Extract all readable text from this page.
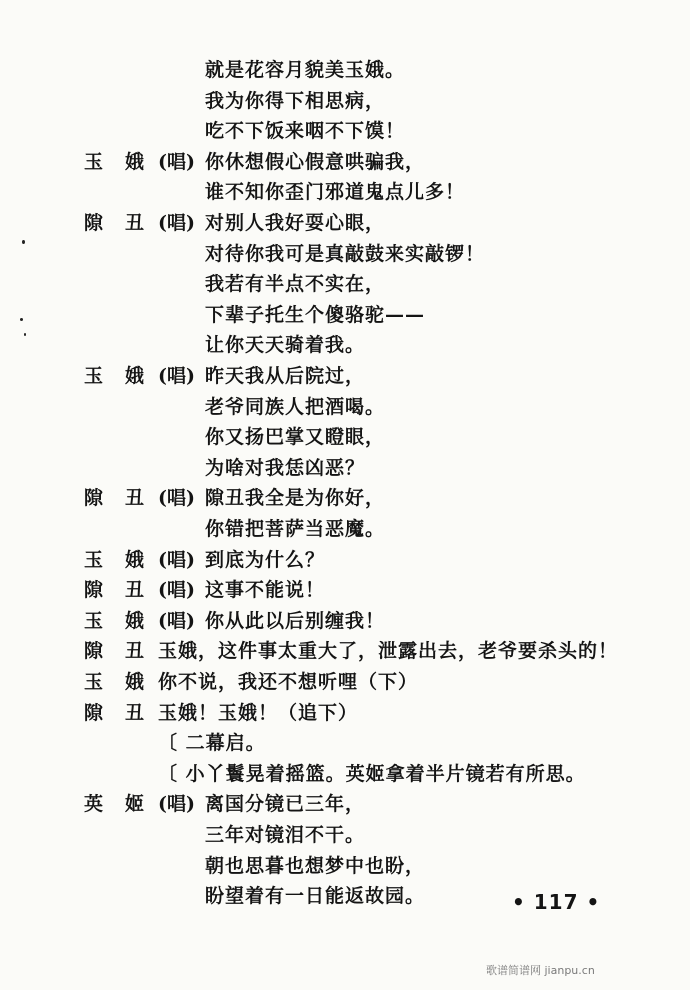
就是花容月貌美玉娥。
我为你得下相思病，
吃不下饭来咽不下馍！
玉娥
(唱) 你休想假心假意哄骗我，
谁不知你歪门邪道鬼点儿多！
隙丑
(唱) 对别人我好耍心眼，
对待你我可是真敲鼓来实敲锣！
我若有半点不实在，
下辈子托生个傻骆驼——
让你天天骑着我。
玉娥
(唱) 昨天我从后院过，
老爷同族人把酒喝。
你又扬巴掌又瞪眼，
为啥对我恁凶恶？
隙丑
(唱) 隙丑我全是为你好，
你错把菩萨当恶魔。
玉娥
(唱) 到底为什么？
隙丑
(唱) 这事不能说！
玉娥
(唱) 你从此以后别缠我！
隙丑
玉娥，这件事太重大了，泄露出去，老爷要杀头的！
玉娥
你不说，我还不想听哩（下）
隙丑
玉娥！玉娥！（追下）
〔 二幕启。
〔 小丫鬟晃着摇篮。英姬拿着半片镜若有所思。
英姬
(唱) 离国分镜已三年，
三年对镜泪不干。
朝也思暮也想梦中也盼，
盼望着有一日能返故园。	• 117 •
歌谱简谱网 jianpu.cn
